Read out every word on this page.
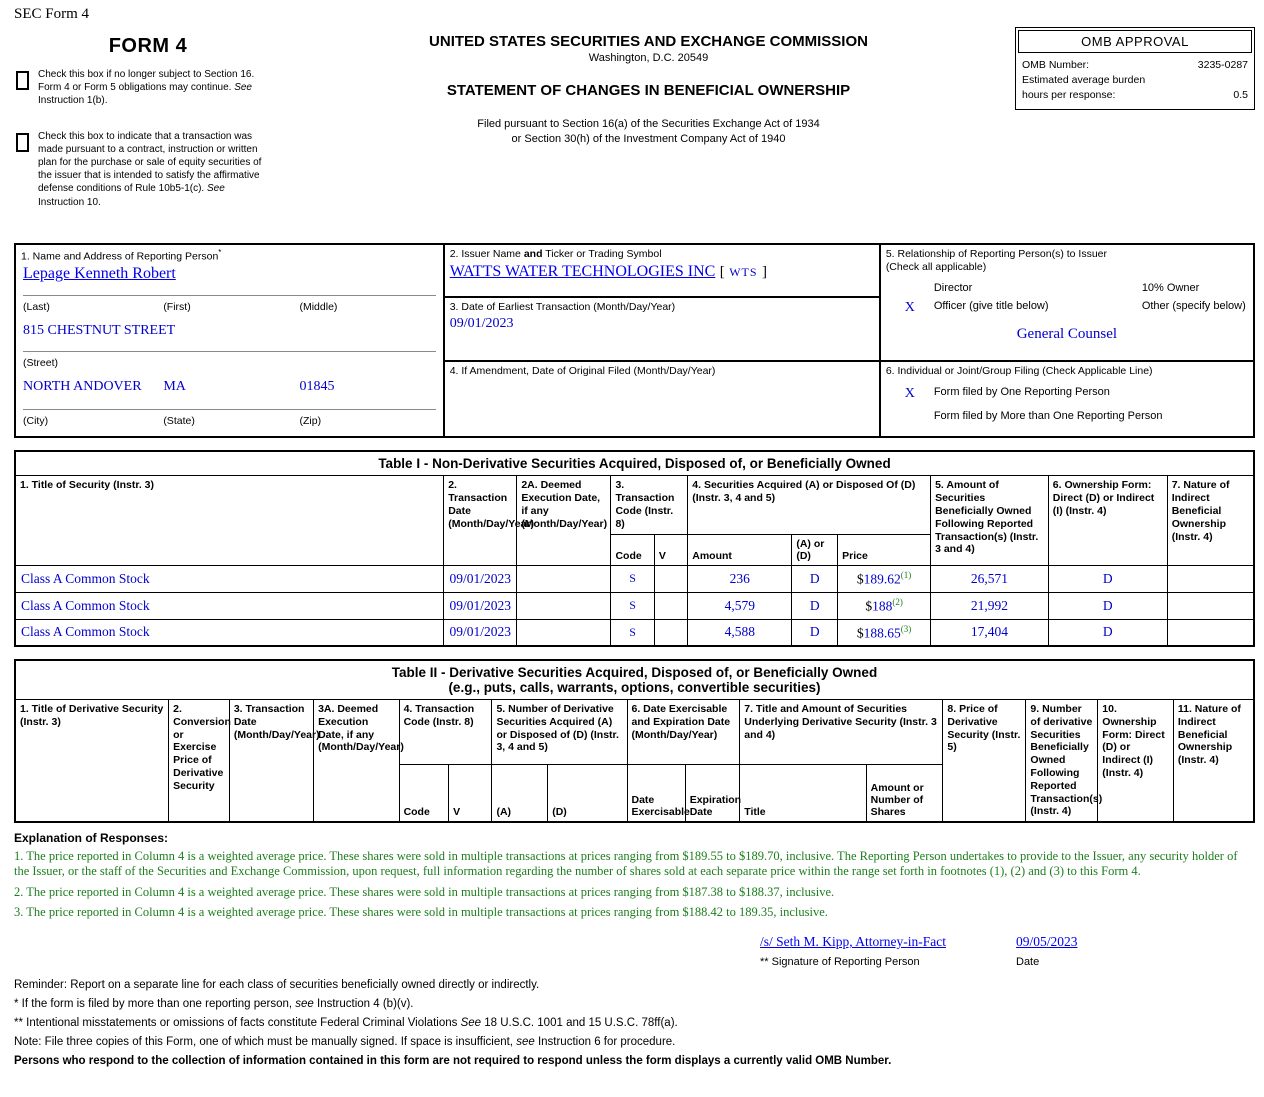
SEC Form 4
FORM 4
Check this box if no longer subject to Section 16. Form 4 or Form 5 obligations may continue. See Instruction 1(b).
Check this box to indicate that a transaction was made pursuant to a contract, instruction or written plan for the purchase or sale of equity securities of the issuer that is intended to satisfy the affirmative defense conditions of Rule 10b5-1(c). See Instruction 10.
UNITED STATES SECURITIES AND EXCHANGE COMMISSION
Washington, D.C. 20549
STATEMENT OF CHANGES IN BENEFICIAL OWNERSHIP
Filed pursuant to Section 16(a) of the Securities Exchange Act of 1934
or Section 30(h) of the Investment Company Act of 1940
OMB APPROVAL
OMB Number:	3235-0287
Estimated average burden
hours per response:	0.5
1. Name and Address of Reporting Person*
Lepage Kenneth Robert
(Last)	(First)	(Middle)
815 CHESTNUT STREET
(Street)
NORTH ANDOVER	MA	01845
(City)	(State)	(Zip)

2. Issuer Name and Ticker or Trading Symbol
WATTS WATER TECHNOLOGIES INC [ WTS ]

5. Relationship of Reporting Person(s) to Issuer
(Check all applicable)
Director	10% Owner
X	Officer (give title below)	Other (specify below)
General Counsel

	3. Date of Earliest Transaction (Month/Day/Year)
09/01/2023	

	4. If Amendment, Date of Original Filed (Month/Day/Year)	6. Individual or Joint/Group Filing (Check Applicable Line)
X Form filed by One Reporting Person
Form filed by More than One Reporting Person
Table I - Non-Derivative Securities Acquired, Disposed of, or Beneficially Owned										
1. Title of Security (Instr. 3)	2. Transaction Date (Month/Day/Year)	2A. Deemed Execution Date, if any (Month/Day/Year)	3. Transaction Code (Instr. 8)		4. Securities Acquired (A) or Disposed Of (D) (Instr. 3, 4 and 5)			5. Amount of Securities Beneficially Owned Following Reported Transaction(s) (Instr. 3 and 4)	6. Ownership Form: Direct (D) or Indirect (I) (Instr. 4)	7. Nature of Indirect Beneficial Ownership (Instr. 4)
			Code	V	Amount	(A) or (D)	Price			
Class A Common Stock	09/01/2023		S		236	D	$189.62$^{(1)}$	26,571	D	
Class A Common Stock	09/01/2023		S		4,579	D	$188$^{(2)}$	21,992	D	
Class A Common Stock	09/01/2023		S		4,588	D	$188.65$^{(3)}$	17,404	D	
Table II - Derivative Securities Acquired, Disposed of, or Beneficially Owned
(e.g., puts, calls, warrants, options, convertible securities)															

1. Title of Derivative Security (Instr. 3)	2. Conversion or Exercise Price of Derivative Security	3. Transaction Date (Month/Day/Year)	3A. Deemed Execution Date, if any (Month/Day/Year)	4. Transaction Code (Instr. 8)		5. Number of Derivative Securities Acquired (A) or Disposed of (D) (Instr. 3, 4 and 5)		6. Date Exercisable and Expiration Date (Month/Day/Year)		7. Title and Amount of Securities Underlying Derivative Security (Instr. 3 and 4)		8. Price of Derivative Security (Instr. 5)	9. Number of derivative Securities Beneficially Owned Following Reported Transaction(s) (Instr. 4)	10. Ownership Form: Direct (D) or Indirect (I) (Instr. 4)	11. Nature of Indirect Beneficial Ownership (Instr. 4)
				Code	V	(A)	(D)	Date Exercisable	Expiration Date	Title	Amount or Number of Shares				
Explanation of Responses:
1. The price reported in Column 4 is a weighted average price. These shares were sold in multiple transactions at prices ranging from $189.55 to $189.70, inclusive. The Reporting Person undertakes to provide to the Issuer, any security holder of the Issuer, or the staff of the Securities and Exchange Commission, upon request, full information regarding the number of shares sold at each separate price within the range set forth in footnotes (1), (2) and (3) to this Form 4.
2. The price reported in Column 4 is a weighted average price. These shares were sold in multiple transactions at prices ranging from $187.38 to $188.37, inclusive.
3. The price reported in Column 4 is a weighted average price. These shares were sold in multiple transactions at prices ranging from $188.42 to 189.35, inclusive.
/s/ Seth M. Kipp, Attorney-in-Fact
** Signature of Reporting Person
09/05/2023
Date
Reminder: Report on a separate line for each class of securities beneficially owned directly or indirectly.
* If the form is filed by more than one reporting person, see Instruction 4 (b)(v).
** Intentional misstatements or omissions of facts constitute Federal Criminal Violations See 18 U.S.C. 1001 and 15 U.S.C. 78ff(a).
Note: File three copies of this Form, one of which must be manually signed. If space is insufficient, see Instruction 6 for procedure.
Persons who respond to the collection of information contained in this form are not required to respond unless the form displays a currently valid OMB Number.
